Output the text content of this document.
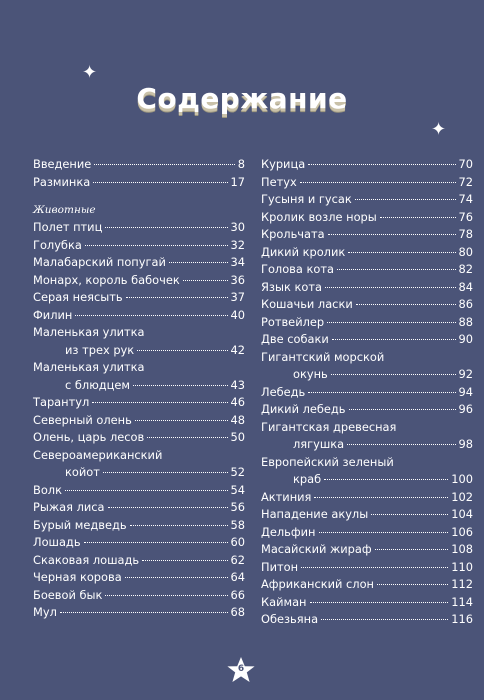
✦
✦
Содержание
Введение	8
Разминка	17
Животные
Полет птиц	30
Голубка	32
Малабарский попугай	34
Монарх, король бабочек	36
Серая неясыть	37
Филин	40
Маленькая улитка
из трех рук	42
Маленькая улитка
с блюдцем	43
Тарантул	46
Северный олень	48
Олень, царь лесов	50
Североамериканский
койот	52
Волк	54
Рыжая лиса	56
Бурый медведь	58
Лошадь	60
Скаковая лошадь	62
Черная корова	64
Боевой бык	66
Мул	68
Курица	70
Петух	72
Гусыня и гусак	74
Кролик возле норы	76
Крольчата	78
Дикий кролик	80
Голова кота	82
Язык кота	84
Кошачьи ласки	86
Ротвейлер	88
Две собаки	90
Гигантский морской
окунь	92
Лебедь	94
Дикий лебедь	96
Гигантская древесная
лягушка	98
Европейский зеленый
краб	100
Актиния	102
Нападение акулы	104
Дельфин	106
Масайский жираф	108
Питон	110
Африканский слон	112
Кайман	114
Обезьяна	116
6
